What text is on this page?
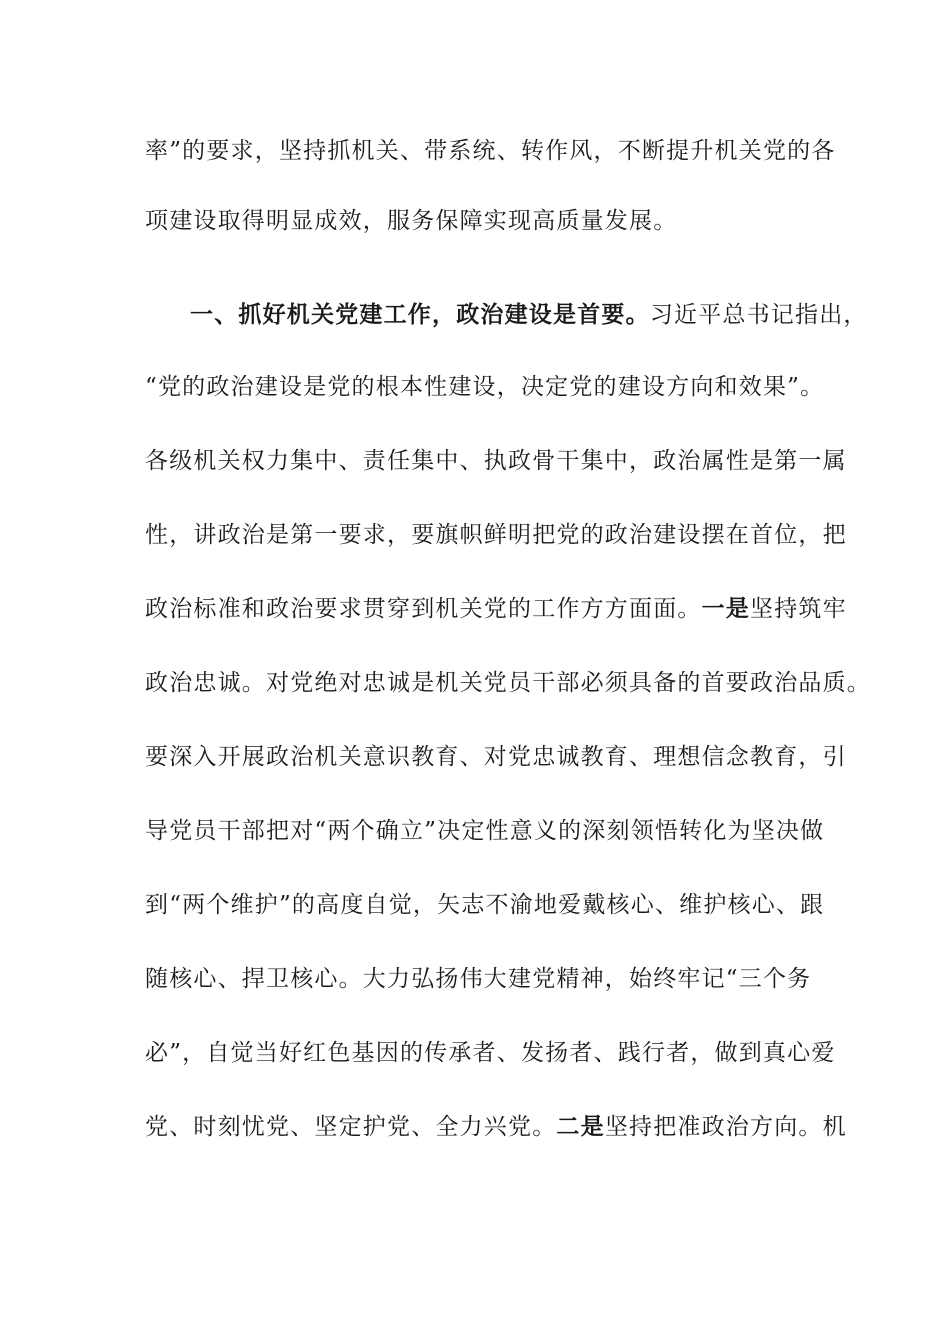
率”的要求，坚持抓机关、带系统、转作风，不断提升机关党的各
项建设取得明显成效，服务保障实现高质量发展。
一、抓好机关党建工作，政治建设是首要。习近平总书记指出，
“党的政治建设是党的根本性建设，决定党的建设方向和效果”。
各级机关权力集中、责任集中、执政骨干集中，政治属性是第一属
性，讲政治是第一要求，要旗帜鲜明把党的政治建设摆在首位，把
政治标准和政治要求贯穿到机关党的工作方方面面。一是坚持筑牢
政治忠诚。对党绝对忠诚是机关党员干部必须具备的首要政治品质。
要深入开展政治机关意识教育、对党忠诚教育、理想信念教育，引
导党员干部把对“两个确立”决定性意义的深刻领悟转化为坚决做
到“两个维护”的高度自觉，矢志不渝地爱戴核心、维护核心、跟
随核心、捍卫核心。大力弘扬伟大建党精神，始终牢记“三个务
必”，自觉当好红色基因的传承者、发扬者、践行者，做到真心爱
党、时刻忧党、坚定护党、全力兴党。二是坚持把准政治方向。机
